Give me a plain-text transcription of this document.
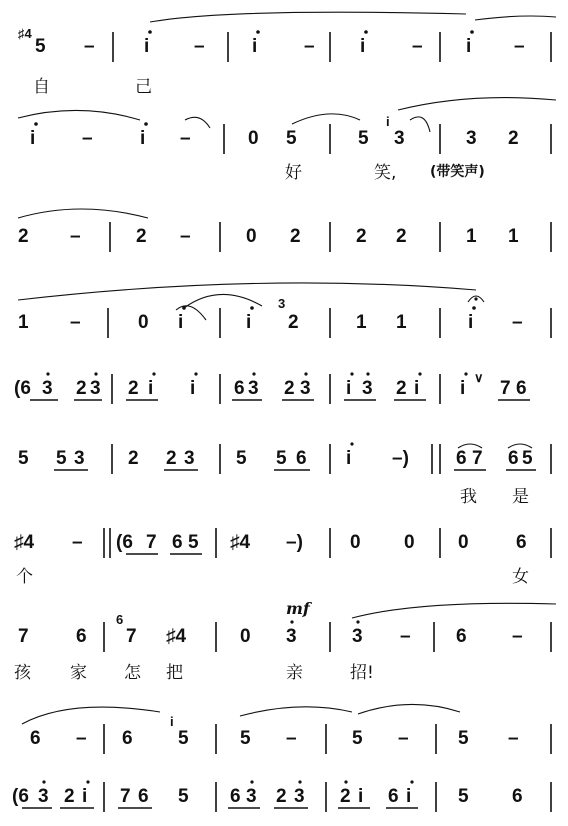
♯4
5 –	i – i – i – i –
自	己
i – i –	0 5	5
i
3	3 2
好	笑, (带笑声)
2 –	2 –	0 2	2 2	1 1
1 –	0 i	i
3
2	1 1	i –
(6 3 2 3 2 i i 6 3 2 3 i 3 2 i i
∨
7 6
5 5 3 2 2 3 5 5 6 i –) 6 7 6 5
我 是
♯4 – (6 7 6 5 ♯4 –) 0 0 0 6
个	女
mf
7 6
6
7 ♯4	0 3	3 – 6 –
孩 家 怎 把	亲	招!
6 – 6
i
5	5 –	5 –	5 –
(6 3 2 i 7 6 5 6 3 2 3 2 i 6 i 5 6
